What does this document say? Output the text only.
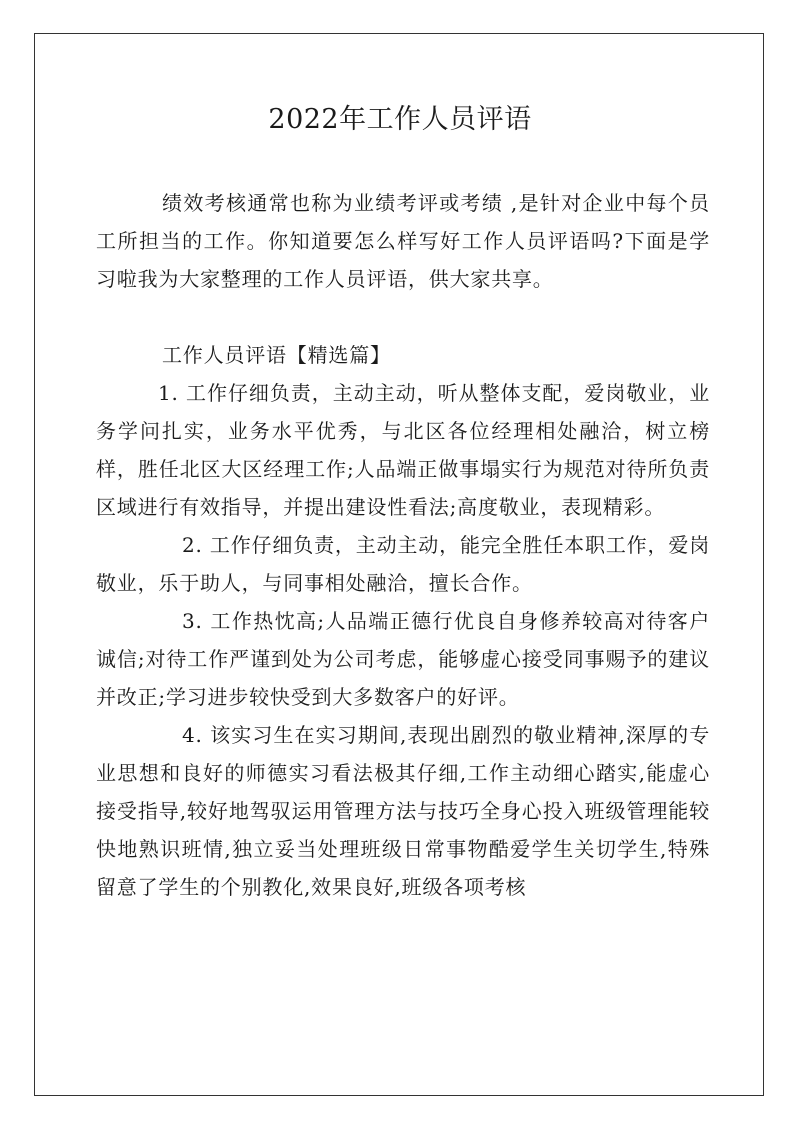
2022年工作人员评语

绩效考核通常也称为业绩考评或考绩 ,是针对企业中每个员工所担当的工作。你知道要怎么样写好工作人员评语吗?下面是学习啦我为大家整理的工作人员评语，供大家共享。

工作人员评语【精选篇】

1. 工作仔细负责，主动主动，听从整体支配，爱岗敬业，业务学问扎实，业务水平优秀，与北区各位经理相处融洽，树立榜样，胜任北区大区经理工作;人品端正做事塌实行为规范对待所负责区域进行有效指导，并提出建设性看法;高度敬业，表现精彩。

2. 工作仔细负责，主动主动，能完全胜任本职工作，爱岗敬业，乐于助人，与同事相处融洽，擅长合作。

3. 工作热忱高;人品端正德行优良自身修养较高对待客户诚信;对待工作严谨到处为公司考虑，能够虚心接受同事赐予的建议并改正;学习进步较快受到大多数客户的好评。

4. 该实习生在实习期间,表现出剧烈的敬业精神,深厚的专业思想和良好的师德实习看法极其仔细,工作主动细心踏实,能虚心接受指导,较好地驾驭运用管理方法与技巧全身心投入班级管理能较快地熟识班情,独立妥当处理班级日常事物酷爱学生关切学生,特殊留意了学生的个别教化,效果良好,班级各项考核
